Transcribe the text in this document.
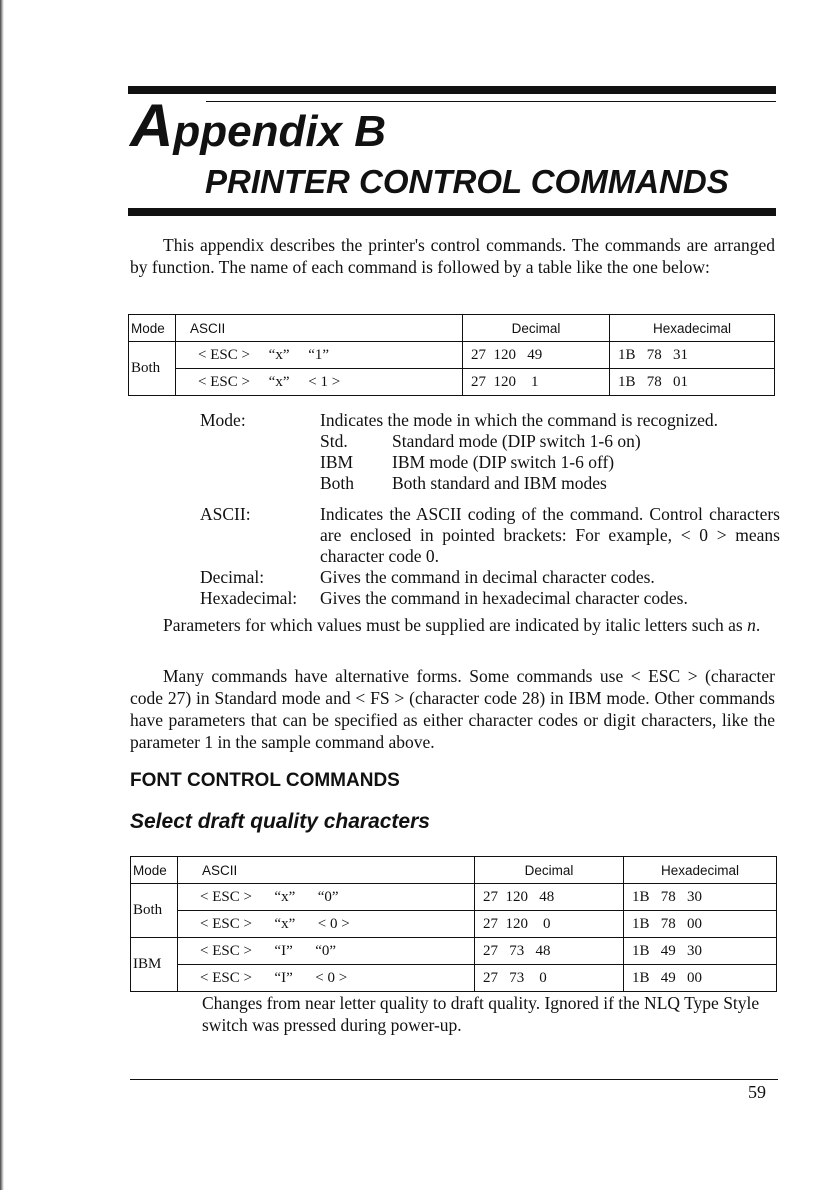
Appendix B
PRINTER CONTROL COMMANDS

This appendix describes the printer's control commands. The commands are arranged by function. The name of each command is followed by a table like the one below:

Mode	ASCII	Decimal	Hexadecimal
Both	< ESC >     “x”     “1”	27  120   49	1B   78   31
	< ESC >     “x”     < 1 >	27  120    1	1B   78   01
Mode:	Indicates the mode in which the command is recognized.
Std.	Standard mode (DIP switch 1-6 on)
IBM	IBM mode (DIP switch 1-6 off)
Both	Both standard and IBM modes
ASCII:	Indicates the ASCII coding of the command. Control characters are enclosed in pointed brackets: For example, < 0 > means character code 0.
Decimal:	Gives the command in decimal character codes.
Hexadecimal:	Gives the command in hexadecimal character codes.

Parameters for which values must be supplied are indicated by italic letters such as n.

Many commands have alternative forms. Some commands use < ESC > (character code 27) in Standard mode and < FS > (character code 28) in IBM mode. Other commands have parameters that can be specified as either character codes or digit characters, like the parameter 1 in the sample command above.

FONT CONTROL COMMANDS
Select draft quality characters
Mode	ASCII	Decimal	Hexadecimal
Both	< ESC >      “x”      “0”	27  120   48	1B   78   30
	< ESC >      “x”      < 0 >	27  120    0	1B   78   00
IBM	< ESC >      “I”      “0”	27   73   48	1B   49   30
	< ESC >      “I”      < 0 >	27   73    0	1B   49   00

Changes from near letter quality to draft quality. Ignored if the NLQ Type Style switch was pressed during power-up.

59
